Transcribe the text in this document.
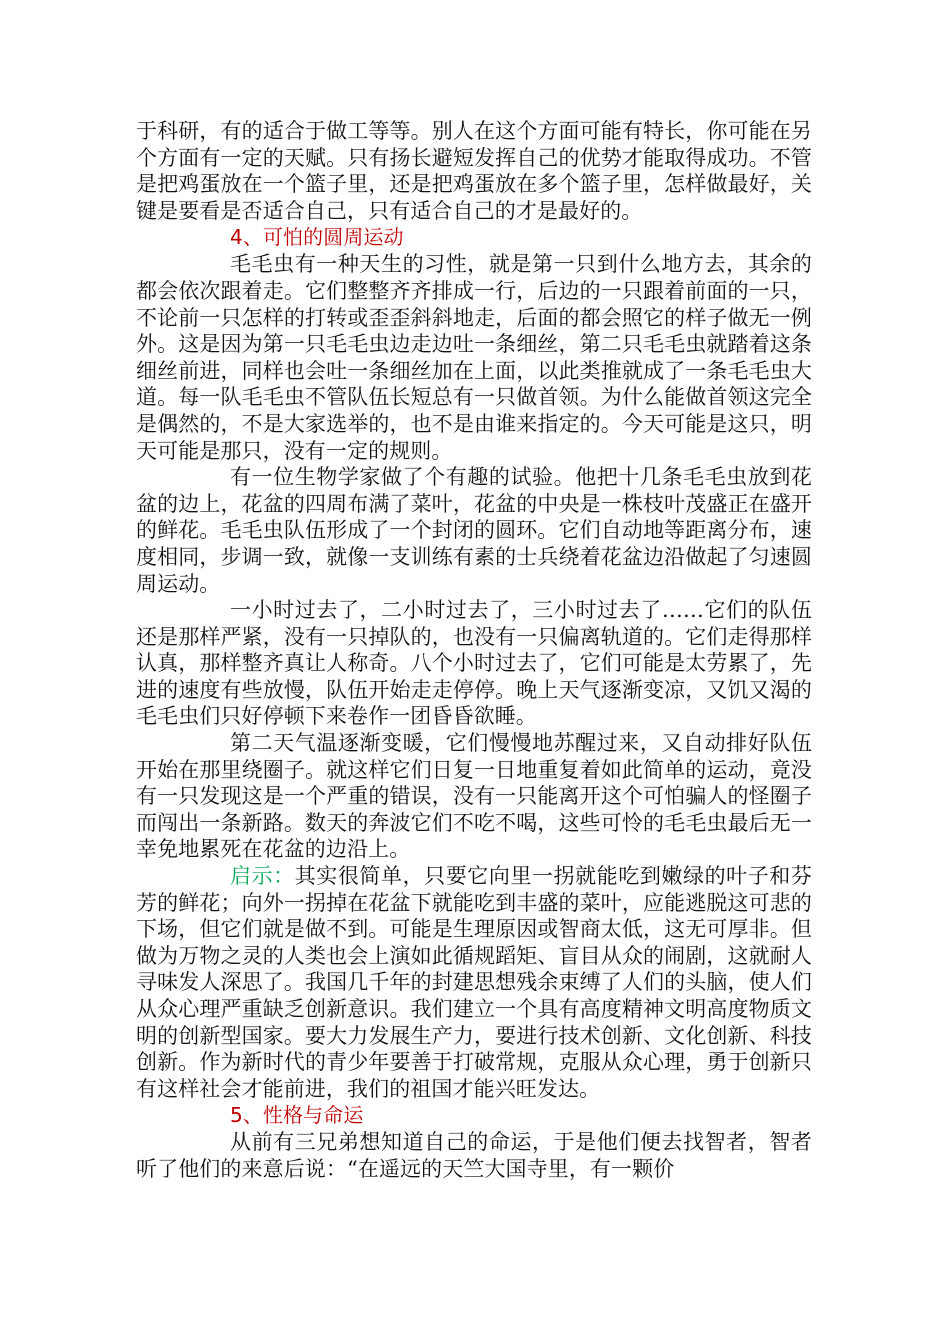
于科研，有的适合于做工等等。别人在这个方面可能有特长，你可能在另个方面有一定的天赋。只有扬长避短发挥自己的优势才能取得成功。不管是把鸡蛋放在一个篮子里，还是把鸡蛋放在多个篮子里，怎样做最好，关键是要看是否适合自己，只有适合自己的才是最好的。

4、可怕的圆周运动

毛毛虫有一种天生的习性，就是第一只到什么地方去，其余的都会依次跟着走。它们整整齐齐排成一行，后边的一只跟着前面的一只，不论前一只怎样的打转或歪歪斜斜地走，后面的都会照它的样子做无一例外。这是因为第一只毛毛虫边走边吐一条细丝，第二只毛毛虫就踏着这条细丝前进，同样也会吐一条细丝加在上面，以此类推就成了一条毛毛虫大道。每一队毛毛虫不管队伍长短总有一只做首领。为什么能做首领这完全是偶然的，不是大家选举的，也不是由谁来指定的。今天可能是这只，明天可能是那只，没有一定的规则。

有一位生物学家做了个有趣的试验。他把十几条毛毛虫放到花盆的边上，花盆的四周布满了菜叶，花盆的中央是一株枝叶茂盛正在盛开的鲜花。毛毛虫队伍形成了一个封闭的圆环。它们自动地等距离分布，速度相同，步调一致，就像一支训练有素的士兵绕着花盆边沿做起了匀速圆周运动。

一小时过去了，二小时过去了，三小时过去了……它们的队伍还是那样严紧，没有一只掉队的，也没有一只偏离轨道的。它们走得那样认真，那样整齐真让人称奇。八个小时过去了，它们可能是太劳累了，先进的速度有些放慢，队伍开始走走停停。晚上天气逐渐变凉，又饥又渴的毛毛虫们只好停顿下来卷作一团昏昏欲睡。

第二天气温逐渐变暖，它们慢慢地苏醒过来，又自动排好队伍开始在那里绕圈子。就这样它们日复一日地重复着如此简单的运动，竟没有一只发现这是一个严重的错误，没有一只能离开这个可怕骗人的怪圈子而闯出一条新路。数天的奔波它们不吃不喝，这些可怜的毛毛虫最后无一幸免地累死在花盆的边沿上。

启示：其实很简单，只要它向里一拐就能吃到嫩绿的叶子和芬芳的鲜花；向外一拐掉在花盆下就能吃到丰盛的菜叶，应能逃脱这可悲的下场，但它们就是做不到。可能是生理原因或智商太低，这无可厚非。但做为万物之灵的人类也会上演如此循规蹈矩、盲目从众的闹剧，这就耐人寻味发人深思了。我国几千年的封建思想残余束缚了人们的头脑，使人们从众心理严重缺乏创新意识。我们建立一个具有高度精神文明高度物质文明的创新型国家。要大力发展生产力，要进行技术创新、文化创新、科技创新。作为新时代的青少年要善于打破常规，克服从众心理，勇于创新只有这样社会才能前进，我们的祖国才能兴旺发达。

5、性格与命运

从前有三兄弟想知道自己的命运，于是他们便去找智者，智者听了他们的来意后说：“在遥远的天竺大国寺里，有一颗价
